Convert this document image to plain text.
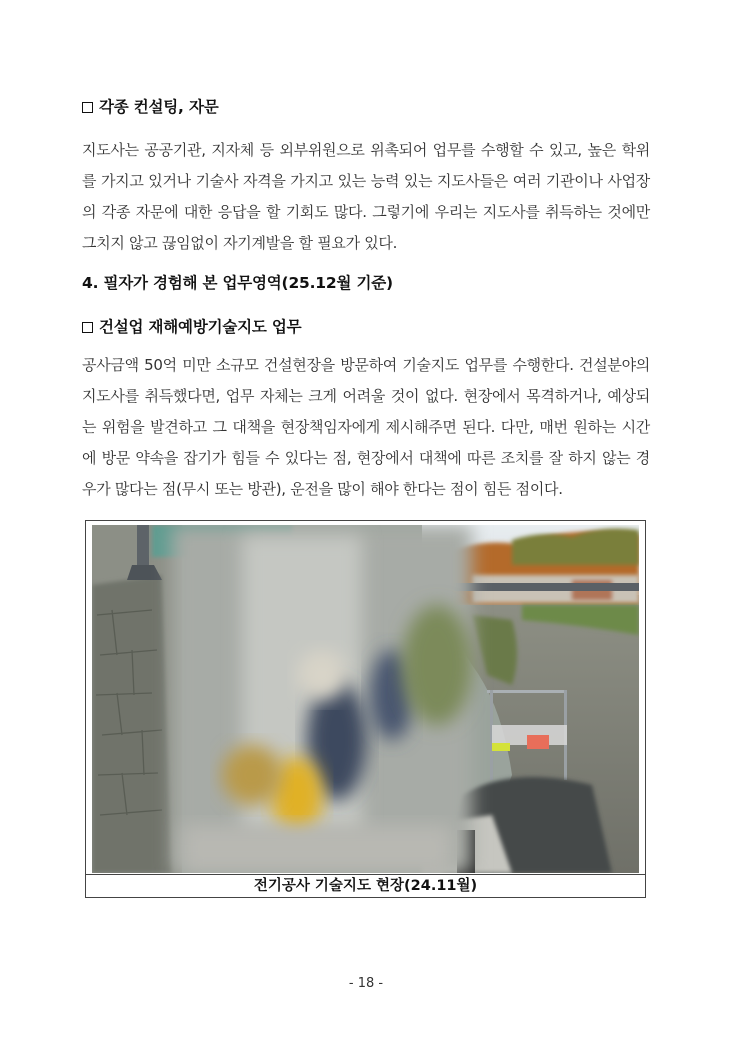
각종 컨설팅, 자문
지도사는 공공기관, 지자체 등 외부위원으로 위촉되어 업무를 수행할 수 있고, 높은 학위를 가지고 있거나 기술사 자격을 가지고 있는 능력 있는 지도사들은 여러 기관이나 사업장의 각종 자문에 대한 응답을 할 기회도 많다. 그렇기에 우리는 지도사를 취득하는 것에만 그치지 않고 끊임없이 자기계발을 할 필요가 있다.
4. 필자가 경험해 본 업무영역(25.12월 기준)
건설업 재해예방기술지도 업무
공사금액 50억 미만 소규모 건설현장을 방문하여 기술지도 업무를 수행한다. 건설분야의 지도사를 취득했다면, 업무 자체는 크게 어려울 것이 없다. 현장에서 목격하거나, 예상되는 위험을 발견하고 그 대책을 현장책임자에게 제시해주면 된다. 다만, 매번 원하는 시간에 방문 약속을 잡기가 힘들 수 있다는 점, 현장에서 대책에 따른 조치를 잘 하지 않는 경우가 많다는 점(무시 또는 방관), 운전을 많이 해야 한다는 점이 힘든 점이다.
전기공사 기술지도 현장(24.11월)
- 18 -
